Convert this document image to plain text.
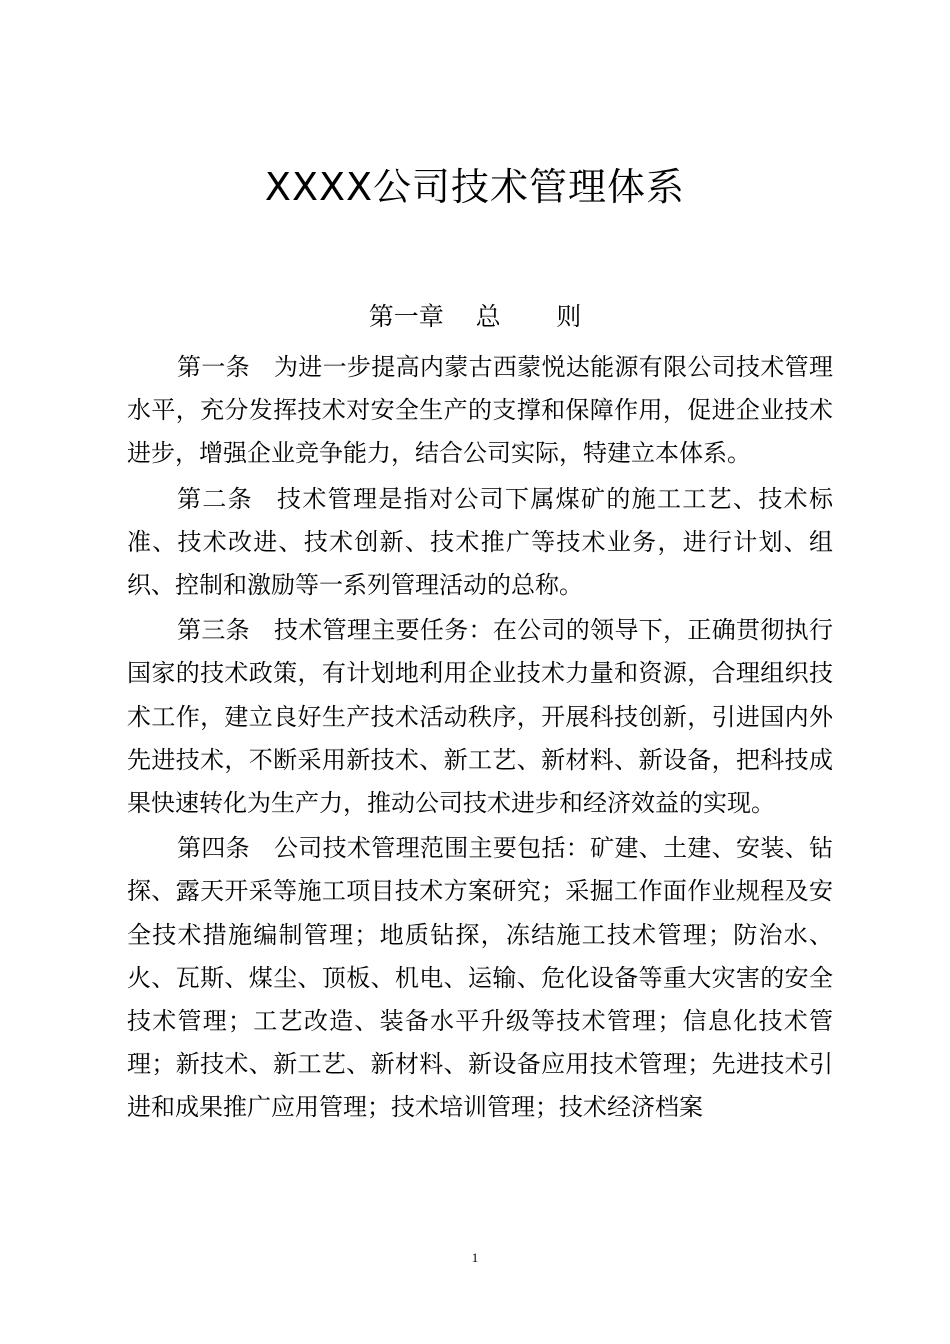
XXXX公司技术管理体系
第一章    总       则

第一条 为进一步提高内蒙古西蒙悦达能源有限公司技术管理水平，充分发挥技术对安全生产的支撑和保障作用，促进企业技术进步，增强企业竞争能力，结合公司实际，特建立本体系。

第二条 技术管理是指对公司下属煤矿的施工工艺、技术标准、技术改进、技术创新、技术推广等技术业务，进行计划、组织、控制和激励等一系列管理活动的总称。

第三条 技术管理主要任务：在公司的领导下，正确贯彻执行国家的技术政策，有计划地利用企业技术力量和资源，合理组织技术工作，建立良好生产技术活动秩序，开展科技创新，引进国内外先进技术，不断采用新技术、新工艺、新材料、新设备，把科技成果快速转化为生产力，推动公司技术进步和经济效益的实现。

第四条 公司技术管理范围主要包括：矿建、土建、安装、钻探、露天开采等施工项目技术方案研究；采掘工作面作业规程及安全技术措施编制管理；地质钻探，冻结施工技术管理；防治水、火、瓦斯、煤尘、顶板、机电、运输、危化设备等重大灾害的安全技术管理；工艺改造、装备水平升级等技术管理；信息化技术管理；新技术、新工艺、新材料、新设备应用技术管理；先进技术引进和成果推广应用管理；技术培训管理；技术经济档案

1
